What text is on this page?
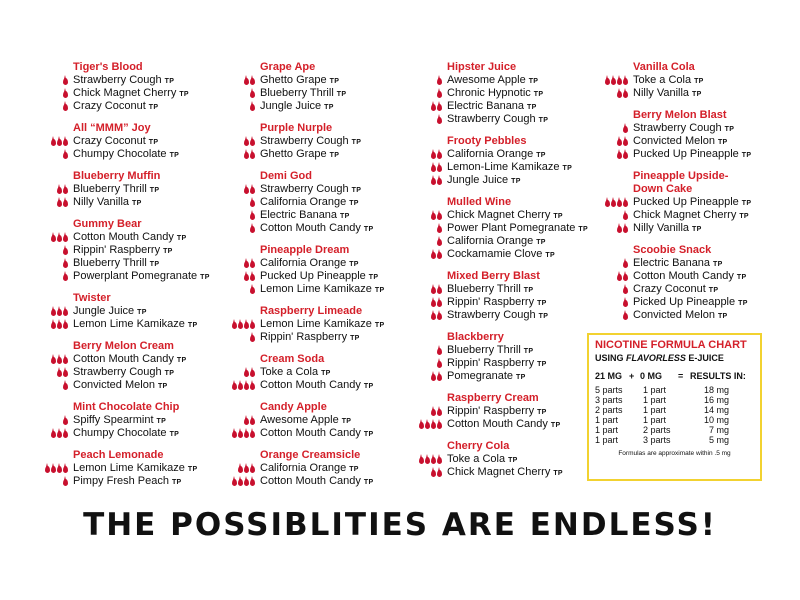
Tiger's Blood
Strawberry Cough TP
Chick Magnet Cherry TP
Crazy Coconut TP
All “MMM” Joy
Crazy Coconut TP
Chumpy Chocolate TP
Blueberry Muffin
Blueberry Thrill TP
Nilly Vanilla TP
Gummy Bear
Cotton Mouth Candy TP
Rippin' Raspberry TP
Blueberry Thrill TP
Powerplant Pomegranate TP
Twister
Jungle Juice TP
Lemon Lime Kamikaze TP
Berry Melon Cream
Cotton Mouth Candy TP
Strawberry Cough TP
Convicted Melon TP
Mint Chocolate Chip
Spiffy Spearmint TP
Chumpy Chocolate TP
Peach Lemonade
Lemon Lime Kamikaze TP
Pimpy Fresh Peach TP
Grape Ape
Ghetto Grape TP
Blueberry Thrill TP
Jungle Juice TP
Purple Nurple
Strawberry Cough TP
Ghetto Grape TP
Demi God
Strawberry Cough TP
California Orange TP
Electric Banana TP
Cotton Mouth Candy TP
Pineapple Dream
California Orange TP
Pucked Up Pineapple TP
Lemon Lime Kamikaze TP
Raspberry Limeade
Lemon Lime Kamikaze TP
Rippin' Raspberry TP
Cream Soda
Toke a Cola TP
Cotton Mouth Candy TP
Candy Apple
Awesome Apple TP
Cotton Mouth Candy TP
Orange Creamsicle
California Orange TP
Cotton Mouth Candy TP
Hipster Juice
Awesome Apple TP
Chronic Hypnotic TP
Electric Banana TP
Strawberry Cough TP
Frooty Pebbles
California Orange TP
Lemon-Lime Kamikaze TP
Jungle Juice TP
Mulled Wine
Chick Magnet Cherry TP
Power Plant Pomegranate TP
California Orange TP
Cockamamie Clove TP
Mixed Berry Blast
Blueberry Thrill TP
Rippin' Raspberry TP
Strawberry Cough TP
Blackberry
Blueberry Thrill TP
Rippin' Raspberry TP
Pomegranate TP
Raspberry Cream
Rippin' Raspberry TP
Cotton Mouth Candy TP
Cherry Cola
Toke a Cola TP
Chick Magnet Cherry TP
Vanilla Cola
Toke a Cola TP
Nilly Vanilla TP
Berry Melon Blast
Strawberry Cough TP
Convicted Melon TP
Pucked Up Pineapple TP
Pineapple Upside-
Down Cake
Pucked Up Pineapple TP
Chick Magnet Cherry TP
Nilly Vanilla TP
Scoobie Snack
Electric Banana TP
Cotton Mouth Candy TP
Crazy Coconut TP
Picked Up Pineapple TP
Convicted Melon TP
NICOTINE FORMULA CHART
USING FLAVORLESS E-JUICE
21 MG + 0 MG	= RESULTS IN:
5 parts	1 part	18 mg
3 parts	1 part	16 mg
2 parts	1 part	14 mg
1 part	1 part	10 mg
1 part	2 parts	7 mg
1 part	3 parts	5 mg
Formulas are approximate within .5 mg
THE POSSIBLITIES ARE ENDLESS!
